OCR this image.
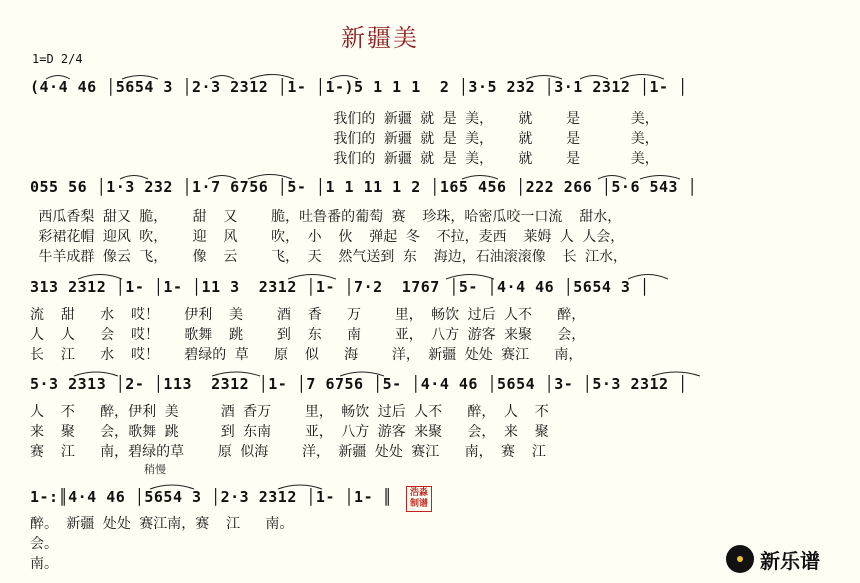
新疆美
1=D 2/4
(4·4 46 │5654 3 │2·3 2312 │1- │1-)5 1 1 1  2 │3·5 232 │3·1 2312 │1- │
我们的 新疆 就 是 美，   就    是      美，
我们的 新疆 就 是 美，   就    是      美，
我们的 新疆 就 是 美，   就    是      美，
055 56 │1·3 232 │1·7 6756 │5- │1 1 11 1 2 │165 456 │222 266 │5·6 543 │
西瓜香梨 甜又 脆，   甜  又    脆，吐鲁番的葡萄 赛  珍珠，哈密瓜咬一口流  甜水，
彩裙花帽 迎风 吹，   迎  风    吹， 小  伙  弹起 冬  不拉，麦西  莱姆 人 人会，
牛羊成群 像云 飞，   像  云    飞， 天  然气送到 东  海边，石油滚滚像  长 江水，
313 2312 │1- │1- │11 3  2312 │1- │7·2  1767 │5- │4·4 46 │5654 3 │
流  甜   水  哎！   伊利  美    酒  香   万    里， 畅饮 过后 人不   醉，
人  人   会  哎！   歌舞  跳    到  东   南    亚， 八方 游客 来聚   会，
长  江   水  哎！   碧绿的 草   原  似   海    洋， 新疆 处处 赛江   南，
5·3 2313 │2- │113  2312 │1- │7 6756 │5- │4·4 46 │5654 │3- │5·3 2312 │
人  不   醉，伊利 美     酒 香万    里， 畅饮 过后 人不   醉， 人  不
来  聚   会，歌舞 跳     到 东南    亚， 八方 游客 来聚   会， 来  聚
赛  江   南，碧绿的草    原 似海    洋， 新疆 处处 赛江   南， 赛  江
稍慢
1-:║4·4 46 │5654 3 │2·3 2312 │1- │1- ║
醉。 新疆 处处 赛江南，赛  江   南。
会。
南。
浩淼制谱
新乐谱
